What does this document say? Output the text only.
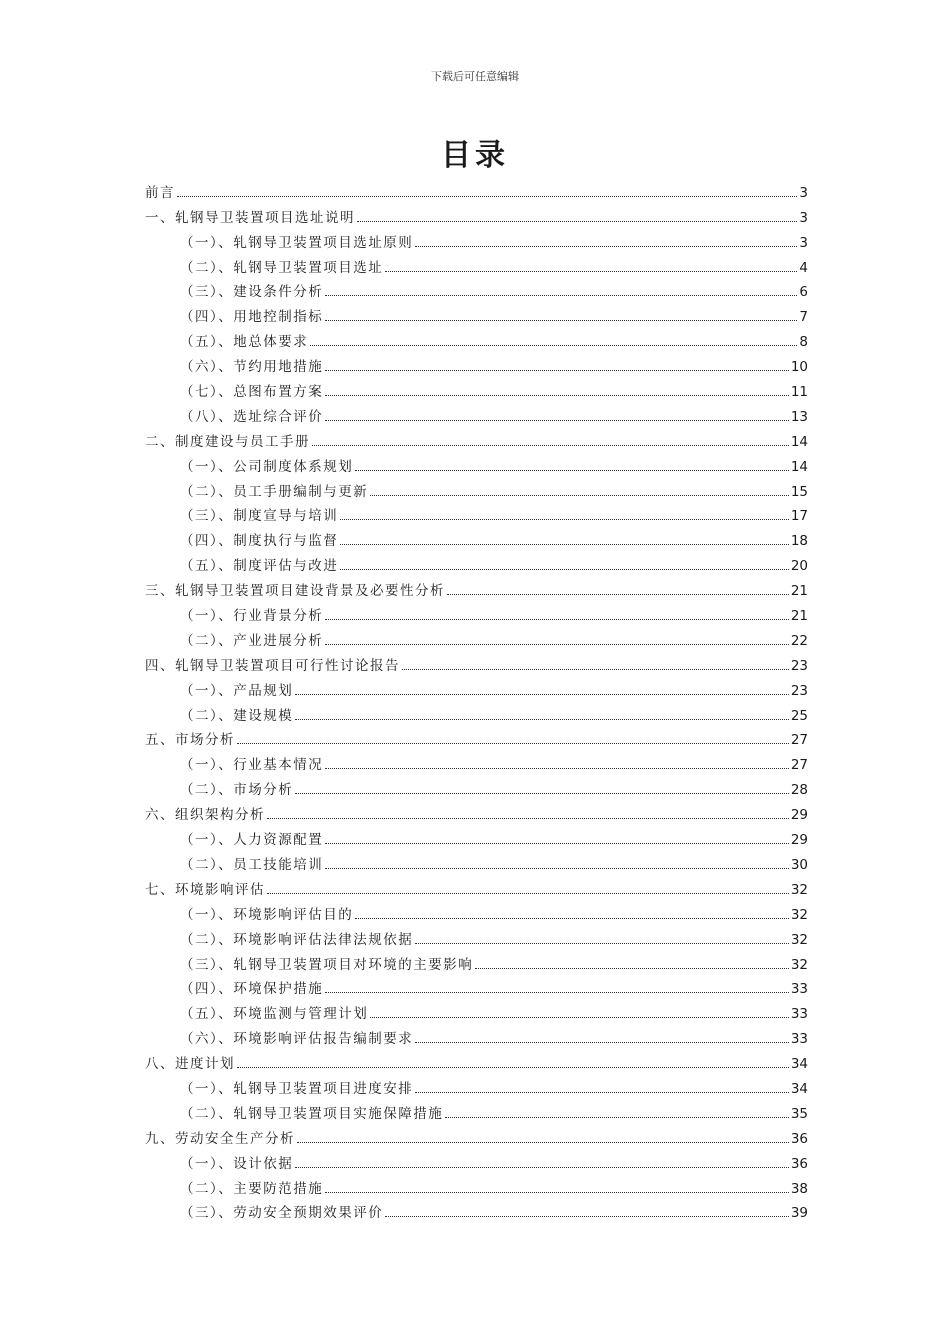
下载后可任意编辑
目录
前言	3
一、轧钢导卫装置项目选址说明	3
（一）、轧钢导卫装置项目选址原则	3
（二）、轧钢导卫装置项目选址	4
（三）、建设条件分析	6
（四）、用地控制指标	7
（五）、地总体要求	8
（六）、节约用地措施	10
（七）、总图布置方案	11
（八）、选址综合评价	13
二、制度建设与员工手册	14
（一）、公司制度体系规划	14
（二）、员工手册编制与更新	15
（三）、制度宣导与培训	17
（四）、制度执行与监督	18
（五）、制度评估与改进	20
三、轧钢导卫装置项目建设背景及必要性分析	21
（一）、行业背景分析	21
（二）、产业进展分析	22
四、轧钢导卫装置项目可行性讨论报告	23
（一）、产品规划	23
（二）、建设规模	25
五、市场分析	27
（一）、行业基本情况	27
（二）、市场分析	28
六、组织架构分析	29
（一）、人力资源配置	29
（二）、员工技能培训	30
七、环境影响评估	32
（一）、环境影响评估目的	32
（二）、环境影响评估法律法规依据	32
（三）、轧钢导卫装置项目对环境的主要影响	32
（四）、环境保护措施	33
（五）、环境监测与管理计划	33
（六）、环境影响评估报告编制要求	33
八、进度计划	34
（一）、轧钢导卫装置项目进度安排	34
（二）、轧钢导卫装置项目实施保障措施	35
九、劳动安全生产分析	36
（一）、设计依据	36
（二）、主要防范措施	38
（三）、劳动安全预期效果评价	39
